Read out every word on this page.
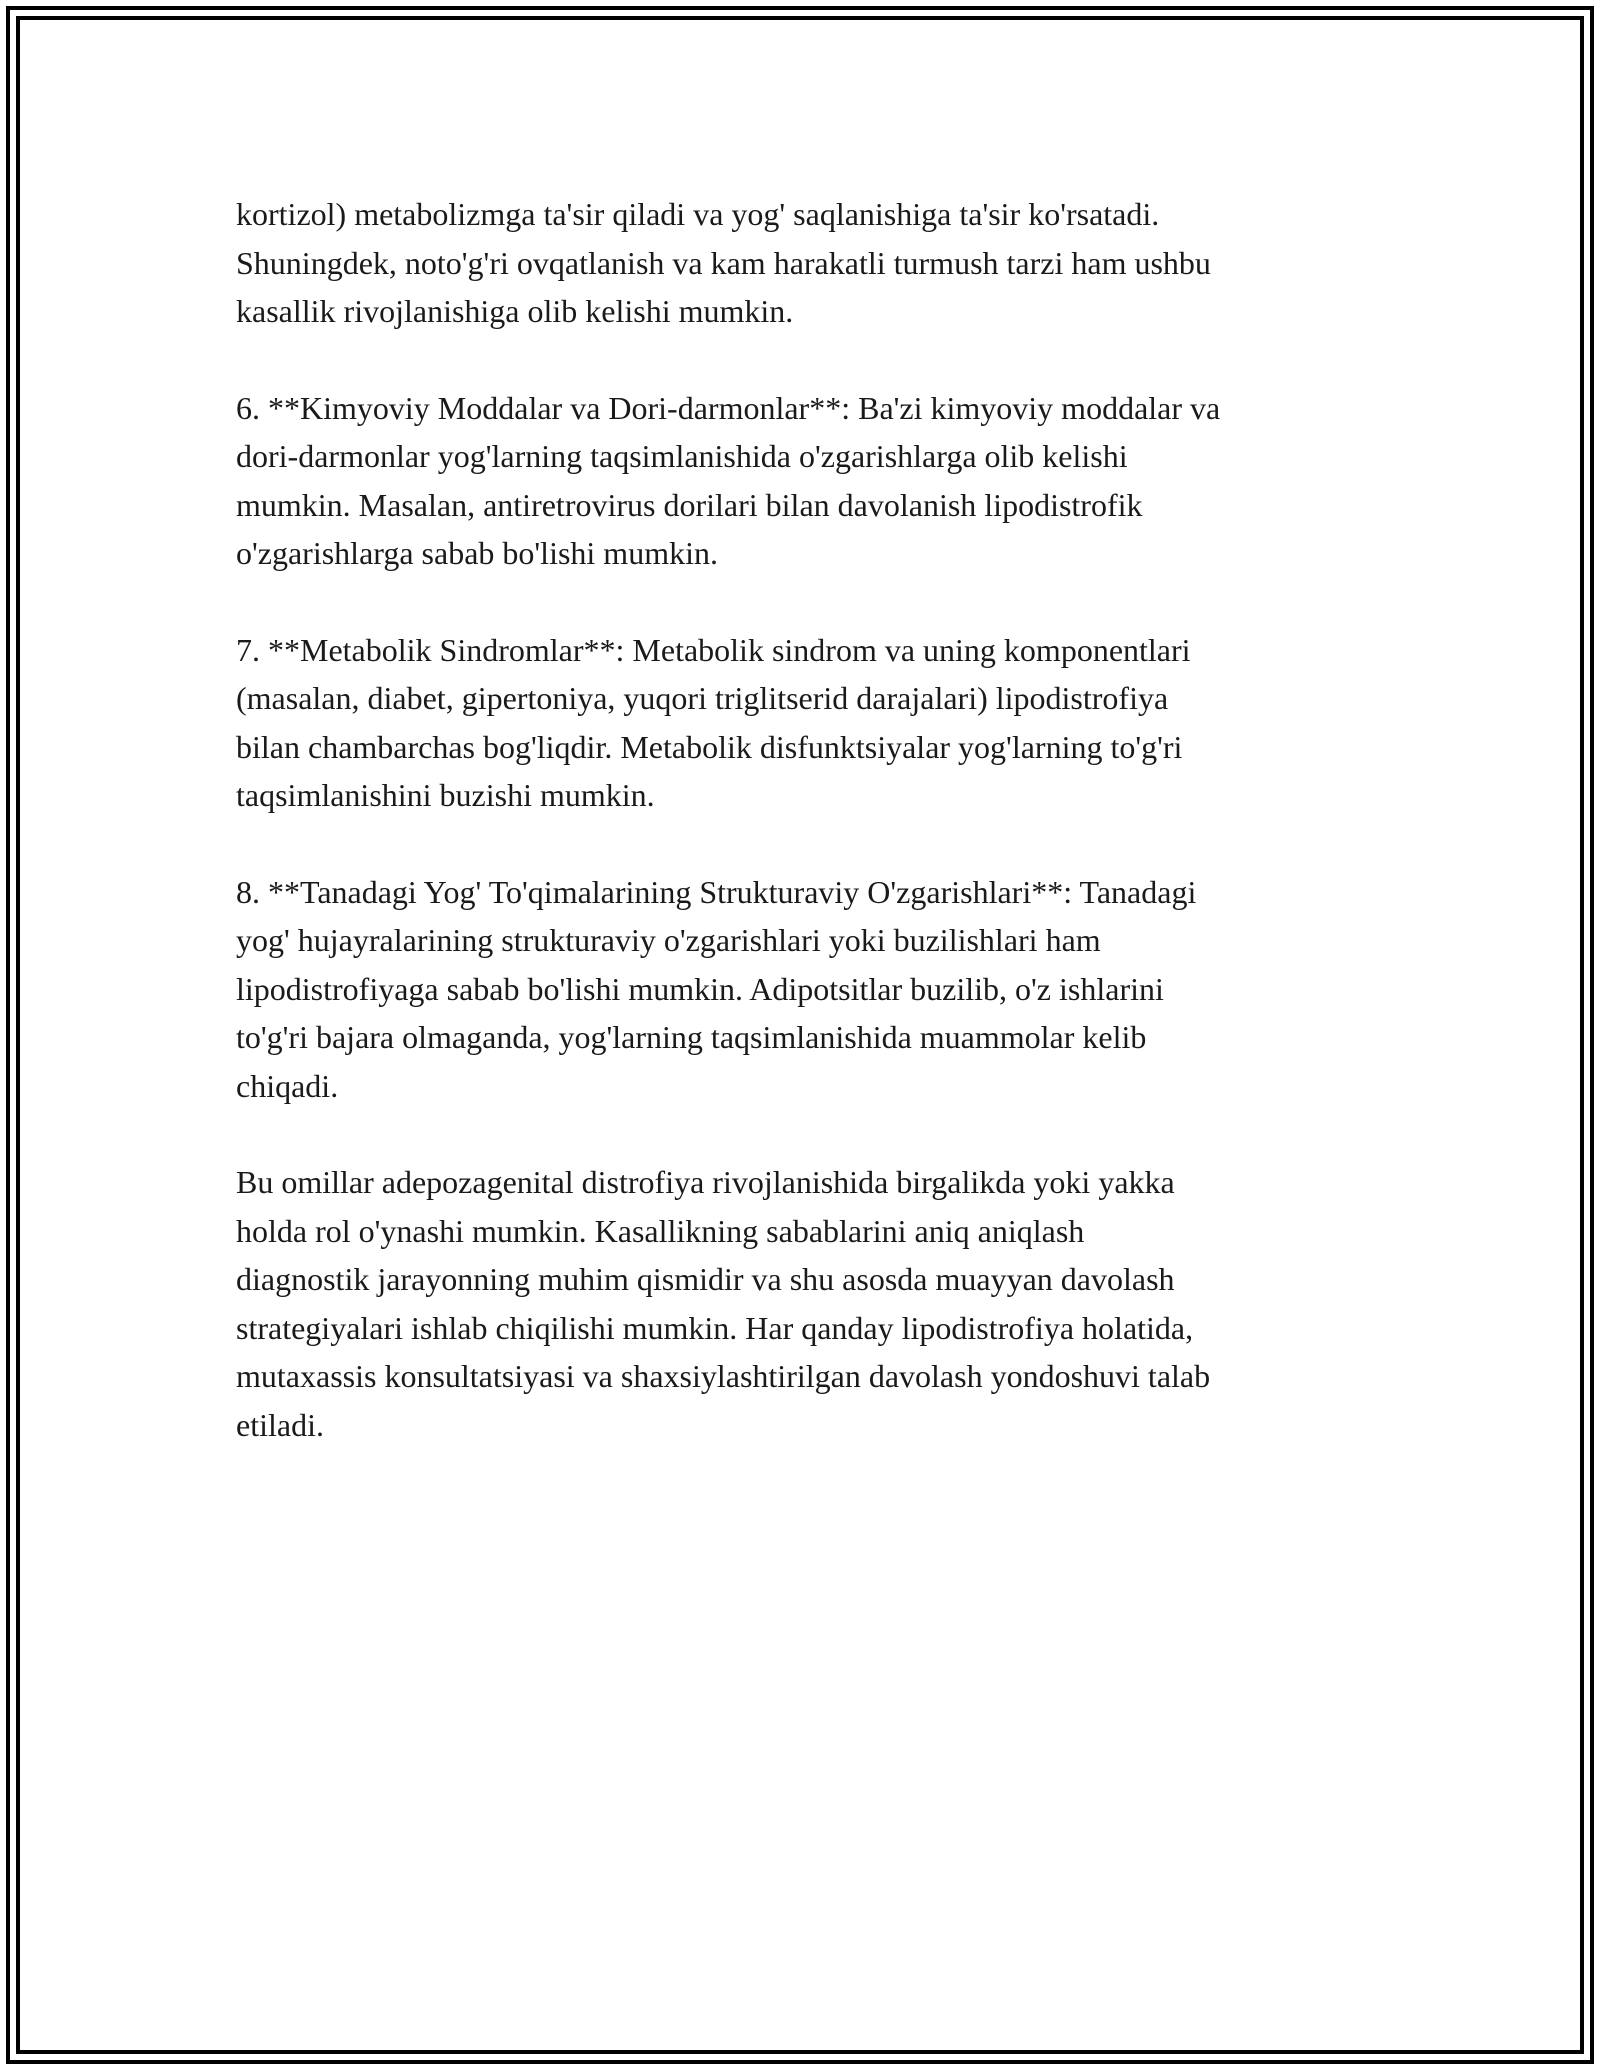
kortizol) metabolizmga ta'sir qiladi va yog' saqlanishiga ta'sir ko'rsatadi.
Shuningdek, noto'g'ri ovqatlanish va kam harakatli turmush tarzi ham ushbu
kasallik rivojlanishiga olib kelishi mumkin.

6. **Kimyoviy Moddalar va Dori-darmonlar**: Ba'zi kimyoviy moddalar va
dori-darmonlar yog'larning taqsimlanishida o'zgarishlarga olib kelishi
mumkin. Masalan, antiretrovirus dorilari bilan davolanish lipodistrofik
o'zgarishlarga sabab bo'lishi mumkin.

7. **Metabolik Sindromlar**: Metabolik sindrom va uning komponentlari
(masalan, diabet, gipertoniya, yuqori triglitserid darajalari) lipodistrofiya
bilan chambarchas bog'liqdir. Metabolik disfunktsiyalar yog'larning to'g'ri
taqsimlanishini buzishi mumkin.

8. **Tanadagi Yog' To'qimalarining Strukturaviy O'zgarishlari**: Tanadagi
yog' hujayralarining strukturaviy o'zgarishlari yoki buzilishlari ham
lipodistrofiyaga sabab bo'lishi mumkin. Adipotsitlar buzilib, o'z ishlarini
to'g'ri bajara olmaganda, yog'larning taqsimlanishida muammolar kelib
chiqadi.

Bu omillar adepozagenital distrofiya rivojlanishida birgalikda yoki yakka
holda rol o'ynashi mumkin. Kasallikning sabablarini aniq aniqlash
diagnostik jarayonning muhim qismidir va shu asosda muayyan davolash
strategiyalari ishlab chiqilishi mumkin. Har qanday lipodistrofiya holatida,
mutaxassis konsultatsiyasi va shaxsiylashtirilgan davolash yondoshuvi talab
etiladi.
